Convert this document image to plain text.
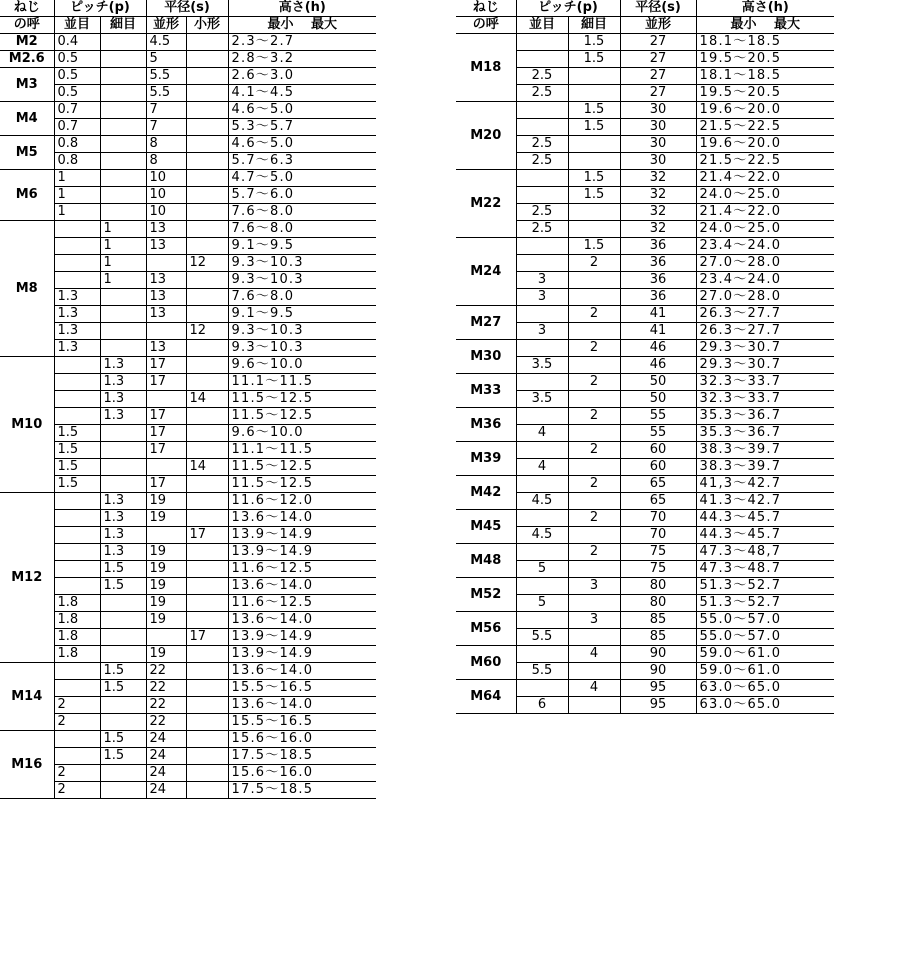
ねじ	ピッチ(p)		平径(s)		高さ(h)
の呼	並目	細目	並形	小形	最小　 最大
M2	0.4		4.5		2.3〜2.7
M2.6	0.5		5		2.8〜3.2
M3	0.5		5.5		2.6〜3.0
	0.5		5.5		4.1〜4.5
M4	0.7		7		4.6〜5.0
	0.7		7		5.3〜5.7
M5	0.8		8		4.6〜5.0
	0.8		8		5.7〜6.3
M6	1		10		4.7〜5.0
	1		10		5.7〜6.0
	1		10		7.6〜8.0
M8		1	13		7.6〜8.0
		1	13		9.1〜9.5
		1		12	9.3〜10.3
		1	13		9.3〜10.3
	1.3		13		7.6〜8.0
	1.3		13		9.1〜9.5
	1.3			12	9.3〜10.3
	1.3		13		9.3〜10.3
M10		1.3	17		9.6〜10.0
		1.3	17		11.1〜11.5
		1.3		14	11.5〜12.5
		1.3	17		11.5〜12.5
	1.5		17		9.6〜10.0
	1.5		17		11.1〜11.5
	1.5			14	11.5〜12.5
	1.5		17		11.5〜12.5
M12		1.3	19		11.6〜12.0
		1.3	19		13.6〜14.0
		1.3		17	13.9〜14.9
		1.3	19		13.9〜14.9
		1.5	19		11.6〜12.5
		1.5	19		13.6〜14.0
	1.8		19		11.6〜12.5
	1.8		19		13.6〜14.0
	1.8			17	13.9〜14.9
	1.8		19		13.9〜14.9
M14		1.5	22		13.6〜14.0
		1.5	22		15.5〜16.5
	2		22		13.6〜14.0
	2		22		15.5〜16.5
M16		1.5	24		15.6〜16.0
		1.5	24		17.5〜18.5
	2		24		15.6〜16.0
	2		24		17.5〜18.5
ねじ	ピッチ(p)		平径(s)	高さ(h)
の呼	並目	細目	並形	最小　 最大
M18		1.5	27	18.1〜18.5
		1.5	27	19.5〜20.5
	2.5		27	18.1〜18.5
	2.5		27	19.5〜20.5
M20		1.5	30	19.6〜20.0
		1.5	30	21.5〜22.5
	2.5		30	19.6〜20.0
	2.5		30	21.5〜22.5
M22		1.5	32	21.4〜22.0
		1.5	32	24.0〜25.0
	2.5		32	21.4〜22.0
	2.5		32	24.0〜25.0
M24		1.5	36	23.4〜24.0
		2	36	27.0〜28.0
	3		36	23.4〜24.0
	3		36	27.0〜28.0
M27		2	41	26.3〜27.7
	3		41	26.3〜27.7
M30		2	46	29.3〜30.7
	3.5		46	29.3〜30.7
M33		2	50	32.3〜33.7
	3.5		50	32.3〜33.7
M36		2	55	35.3〜36.7
	4		55	35.3〜36.7
M39		2	60	38.3〜39.7
	4		60	38.3〜39.7
M42		2	65	41,3〜42.7
	4.5		65	41.3〜42.7
M45		2	70	44.3〜45.7
	4.5		70	44.3〜45.7
M48		2	75	47.3〜48,7
	5		75	47.3〜48.7
M52		3	80	51.3〜52.7
	5		80	51.3〜52.7
M56		3	85	55.0〜57.0
	5.5		85	55.0〜57.0
M60		4	90	59.0〜61.0
	5.5		90	59.0〜61.0
M64		4	95	63.0〜65.0
	6		95	63.0〜65.0
